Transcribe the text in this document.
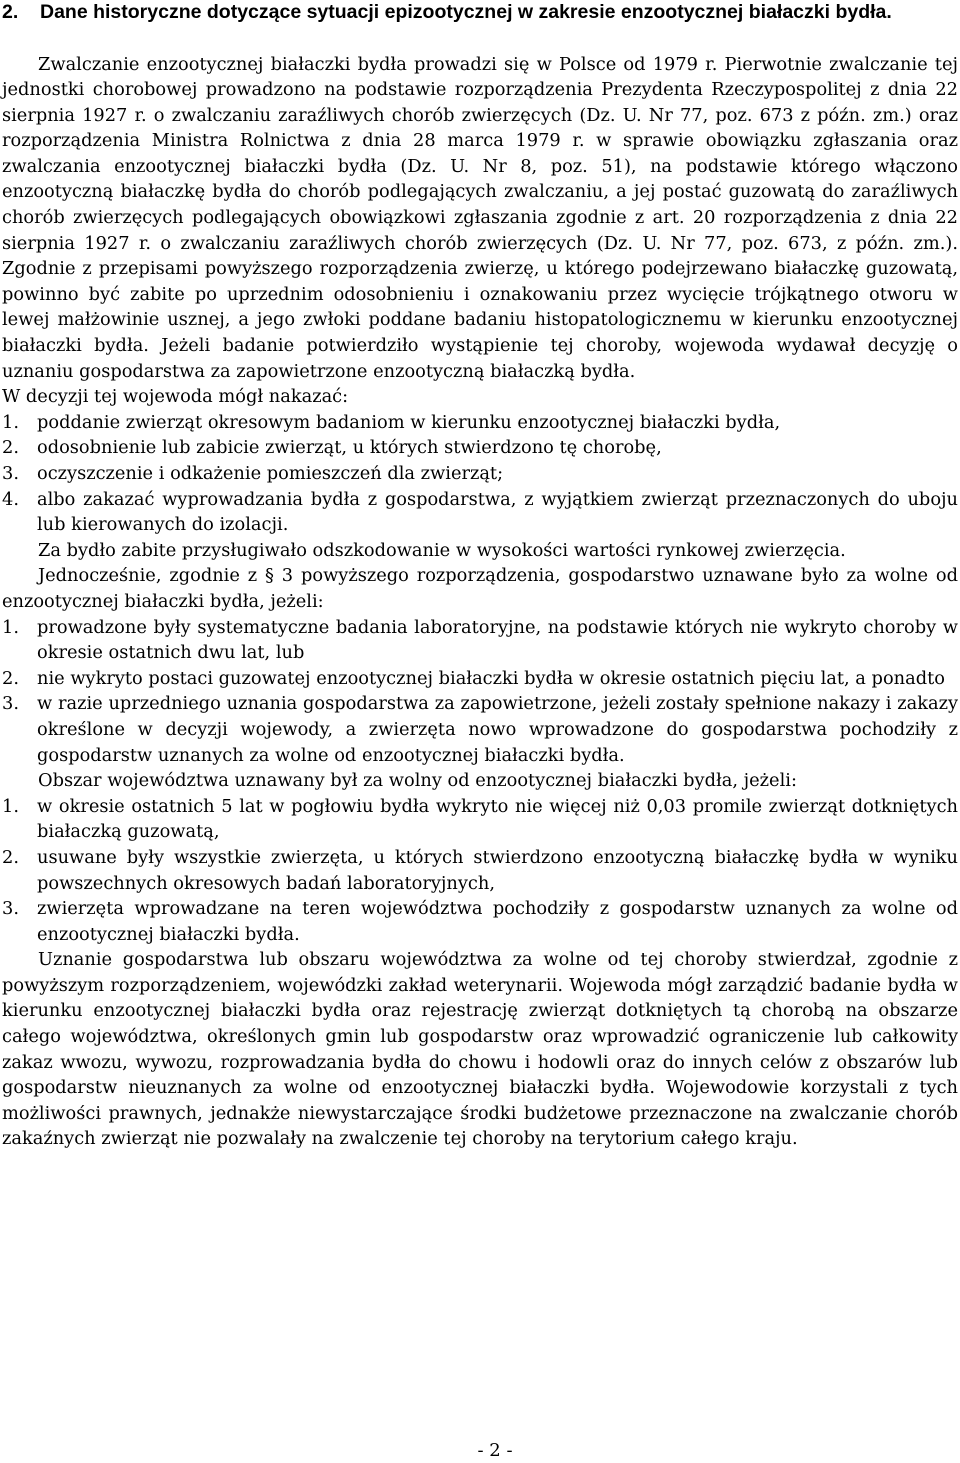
2.	Dane historyczne dotyczące sytuacji epizootycznej w zakresie enzootycznej białaczki bydła.

Zwalczanie enzootycznej białaczki bydła prowadzi się w Polsce od 1979 r. Pierwotnie zwalczanie tej jednostki chorobowej prowadzono na podstawie rozporządzenia Prezydenta Rzeczypospolitej z dnia 22 sierpnia 1927 r. o zwalczaniu zaraźliwych chorób zwierzęcych (Dz. U. Nr 77, poz. 673 z późn. zm.) oraz rozporządzenia Ministra Rolnictwa z dnia 28 marca 1979 r. w sprawie obowiązku zgłaszania oraz zwalczania enzootycznej białaczki bydła (Dz. U. Nr 8, poz. 51), na podstawie którego włączono enzootyczną białaczkę bydła do chorób podlegających zwalczaniu, a jej postać guzowatą do zaraźliwych chorób zwierzęcych podlegających obowiązkowi zgłaszania zgodnie z art. 20 rozporządzenia z dnia 22 sierpnia 1927 r. o zwalczaniu zaraźliwych chorób zwierzęcych (Dz. U. Nr 77, poz. 673, z późn. zm.). Zgodnie z przepisami powyższego rozporządzenia zwierzę, u którego podejrzewano białaczkę guzowatą, powinno być zabite po uprzednim odosobnieniu i oznakowaniu przez wycięcie trójkątnego otworu w lewej małżowinie usznej, a jego zwłoki poddane badaniu histopatologicznemu w kierunku enzootycznej białaczki bydła. Jeżeli badanie potwierdziło wystąpienie tej choroby, wojewoda wydawał decyzję o uznaniu gospodarstwa za zapowietrzone enzootyczną białaczką bydła.

W decyzji tej wojewoda mógł nakazać:

1.	poddanie zwierząt okresowym badaniom w kierunku enzootycznej białaczki bydła,
2.	odosobnienie lub zabicie zwierząt, u których stwierdzono tę chorobę,
3.	oczyszczenie i odkażenie pomieszczeń dla zwierząt;
4.	albo zakazać wyprowadzania bydła z gospodarstwa, z wyjątkiem zwierząt przeznaczonych do uboju lub kierowanych do izolacji.

Za bydło zabite przysługiwało odszkodowanie w wysokości wartości rynkowej zwierzęcia.

Jednocześnie, zgodnie z § 3 powyższego rozporządzenia, gospodarstwo uznawane było za wolne od enzootycznej białaczki bydła, jeżeli:

1.	prowadzone były systematyczne badania laboratoryjne, na podstawie których nie wykryto choroby w okresie ostatnich dwu lat, lub
2.	nie wykryto postaci guzowatej enzootycznej białaczki bydła w okresie ostatnich pięciu lat, a ponadto
3.	w razie uprzedniego uznania gospodarstwa za zapowietrzone, jeżeli zostały spełnione nakazy i zakazy określone w decyzji wojewody, a zwierzęta nowo wprowadzone do gospodarstwa pochodziły z gospodarstw uznanych za wolne od enzootycznej białaczki bydła.

Obszar województwa uznawany był za wolny od enzootycznej białaczki bydła, jeżeli:

1.	w okresie ostatnich 5 lat w pogłowiu bydła wykryto nie więcej niż 0,03 promile zwierząt dotkniętych białaczką guzowatą,
2.	usuwane były wszystkie zwierzęta, u których stwierdzono enzootyczną białaczkę bydła w wyniku powszechnych okresowych badań laboratoryjnych,
3.	zwierzęta wprowadzane na teren województwa pochodziły z gospodarstw uznanych za wolne od enzootycznej białaczki bydła.

Uznanie gospodarstwa lub obszaru województwa za wolne od tej choroby stwierdzał, zgodnie z powyższym rozporządzeniem, wojewódzki zakład weterynarii. Wojewoda mógł zarządzić badanie bydła w kierunku enzootycznej białaczki bydła oraz rejestrację zwierząt dotkniętych tą chorobą na obszarze całego województwa, określonych gmin lub gospodarstw oraz wprowadzić ograniczenie lub całkowity zakaz wwozu, wywozu, rozprowadzania bydła do chowu i hodowli oraz do innych celów z obszarów lub gospodarstw nieuznanych za wolne od enzootycznej białaczki bydła. Wojewodowie korzystali z tych możliwości prawnych, jednakże niewystarczające środki budżetowe przeznaczone na zwalczanie chorób zakaźnych zwierząt nie pozwalały na zwalczenie tej choroby na terytorium całego kraju.

- 2 -
